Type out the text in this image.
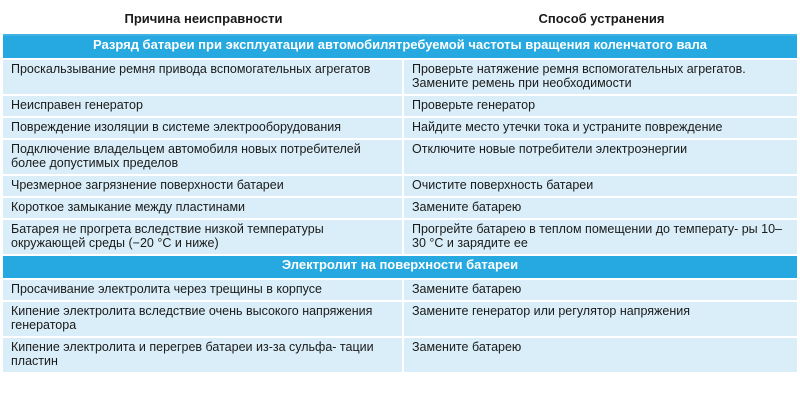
Причина неисправности	Способ устранения
Разряд батареи при эксплуатации автомобилятребуемой частоты вращения коленчатого вала	
Проскальзывание ремня привода вспомогательных агрегатов	Проверьте натяжение ремня вспомогательных агрегатов. Замените ремень при необходимости
Неисправен генератор	Проверьте генератор
Повреждение изоляции в системе электрооборудования	Найдите место утечки тока и устраните повреждение
Подключение владельцем автомобиля новых потребителей более допустимых пределов	Отключите новые потребители электроэнергии
Чрезмерное загрязнение поверхности батареи	Очистите поверхность батареи
Короткое замыкание между пластинами	Замените батарею
Батарея не прогрета вследствие низкой температуры окружающей среды (−20 °С и ниже)	Прогрейте батарею в теплом помещении до температу- ры 10–30 °С и зарядите ее
Электролит на поверхности батареи	
Просачивание электролита через трещины в корпусе	Замените батарею
Кипение электролита вследствие очень высокого напряжения генератора	Замените генератор или регулятор напряжения
Кипение электролита и перегрев батареи из-за сульфа- тации пластин	Замените батарею
